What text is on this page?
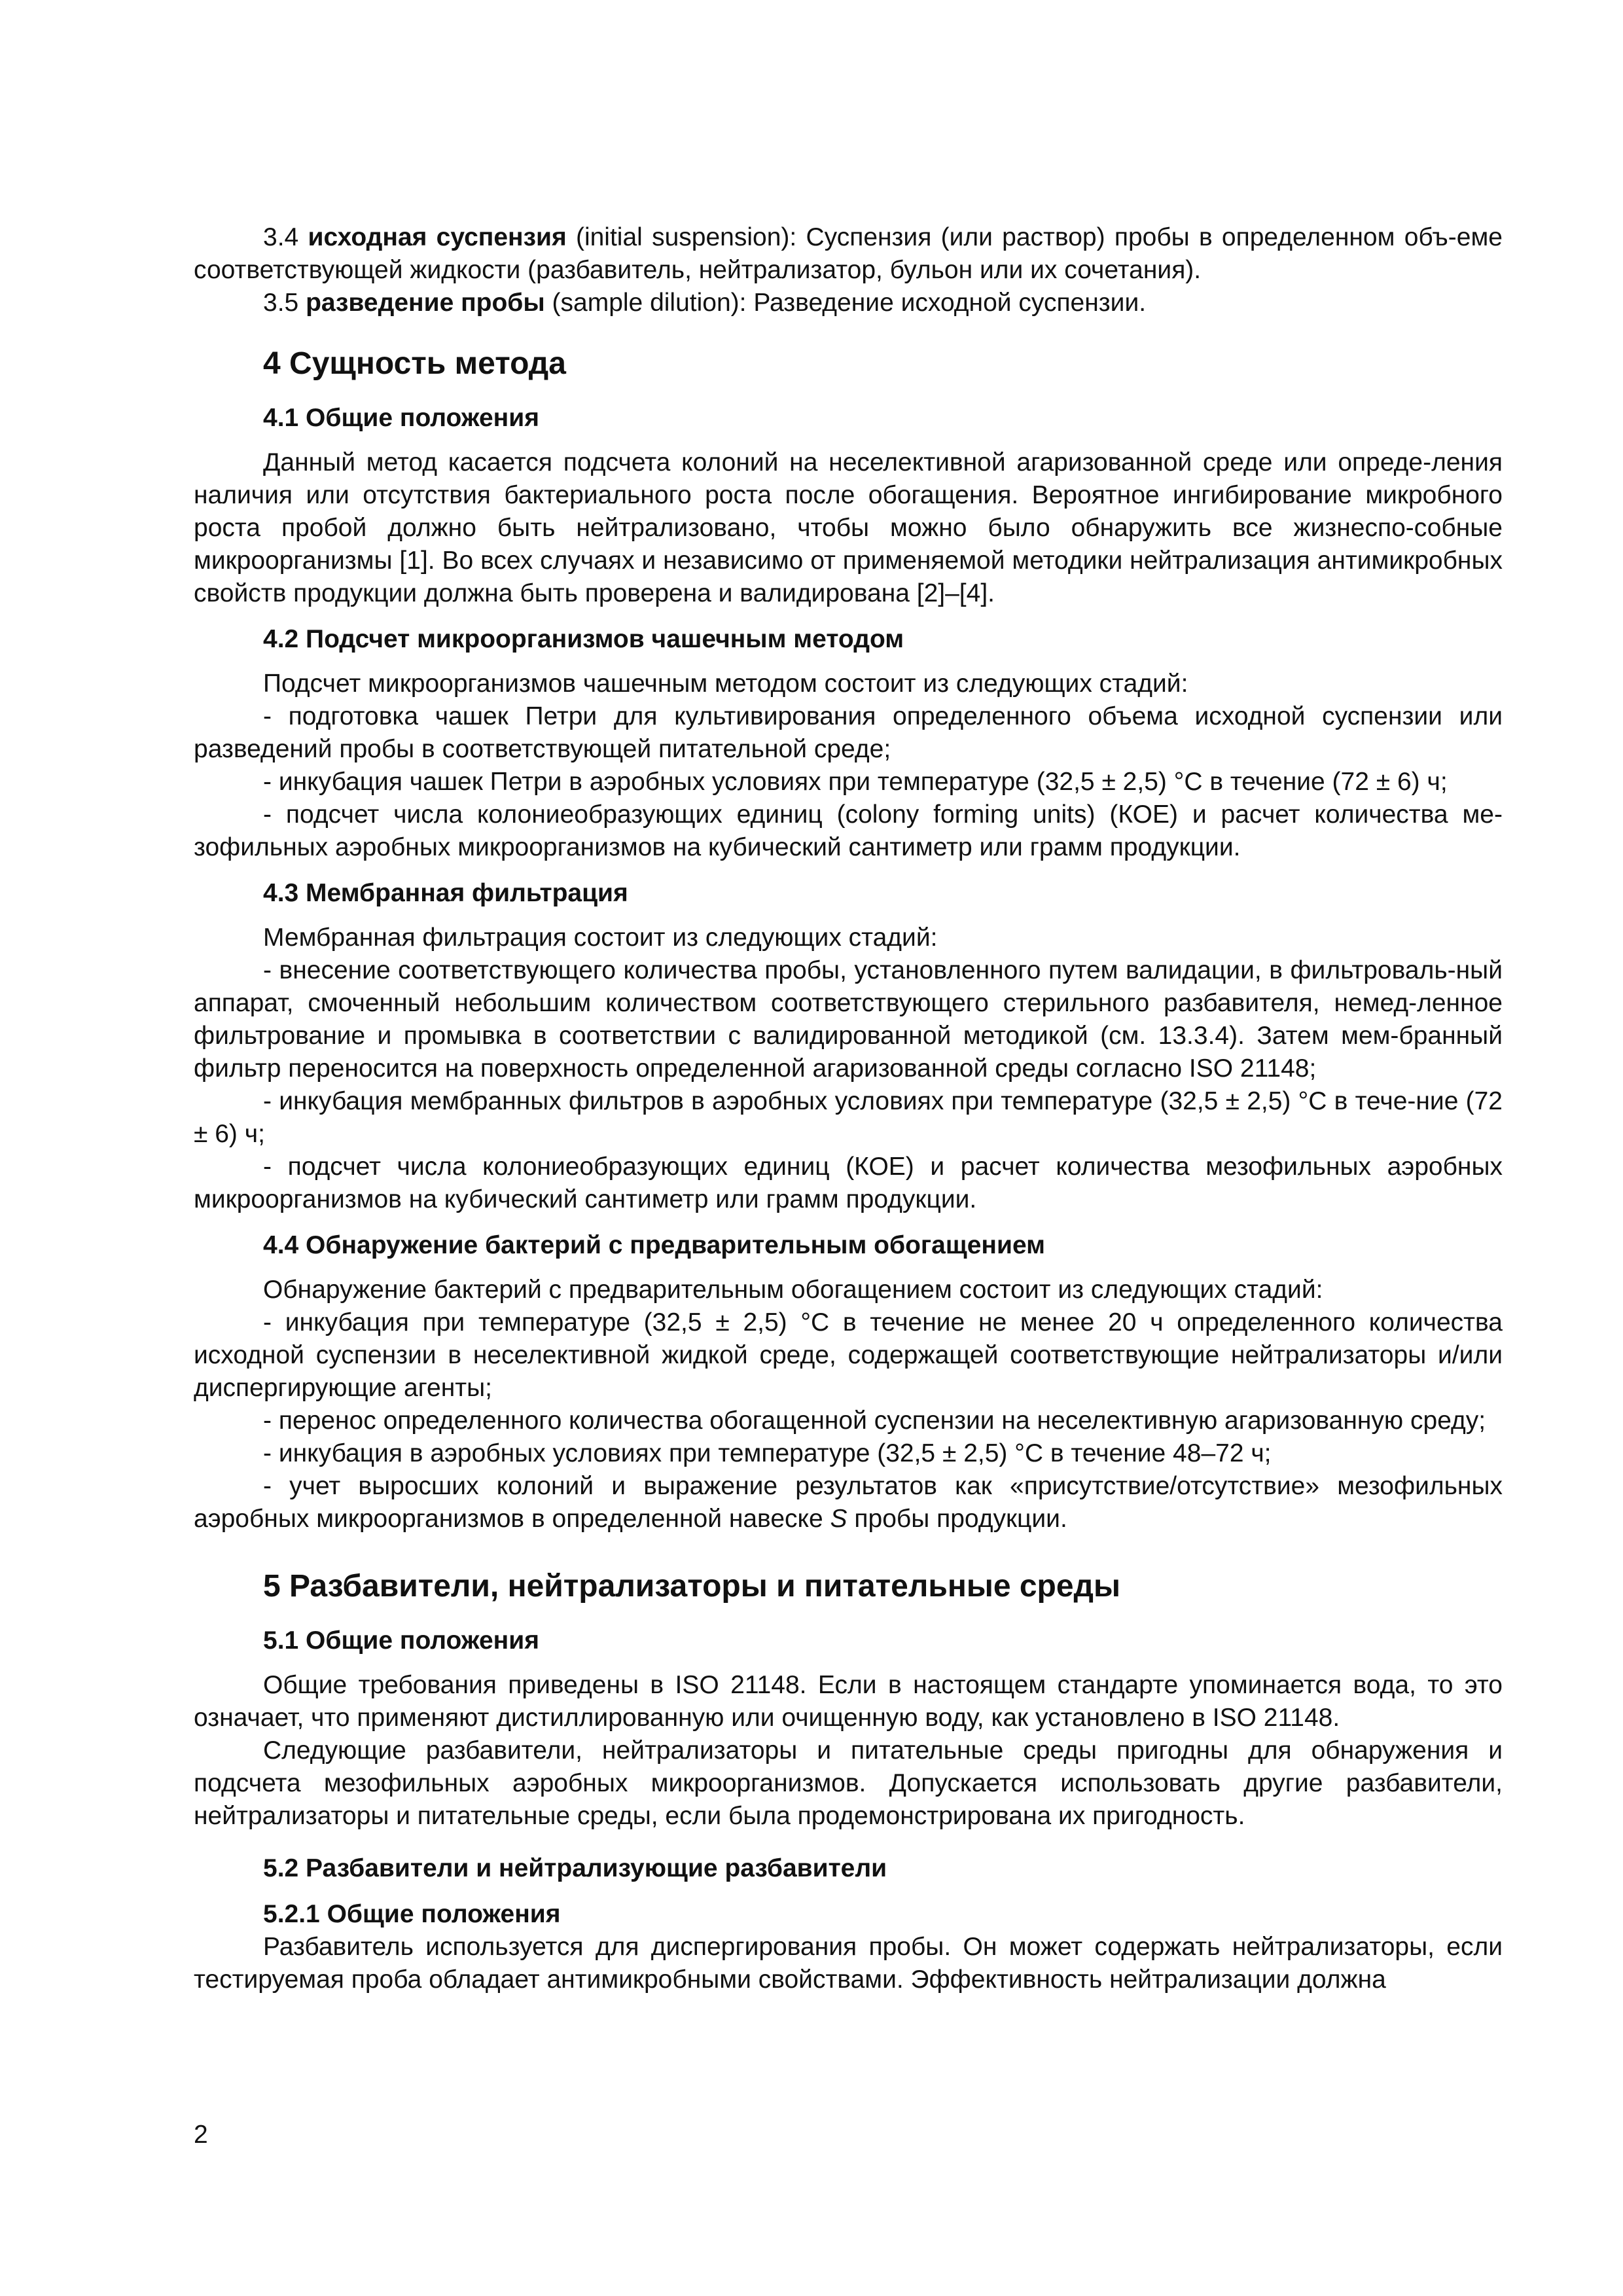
3.4 исходная суспензия (initial suspension): Суспензия (или раствор) пробы в определенном объ-еме соответствующей жидкости (разбавитель, нейтрализатор, бульон или их сочетания).

3.5 разведение пробы (sample dilution): Разведение исходной суспензии.

4 Сущность метода
4.1 Общие положения

Данный метод касается подсчета колоний на неселективной агаризованной среде или опреде-ления наличия или отсутствия бактериального роста после обогащения. Вероятное ингибирование микробного роста пробой должно быть нейтрализовано, чтобы можно было обнаружить все жизнеспо-собные микроорганизмы [1]. Во всех случаях и независимо от применяемой методики нейтрализация антимикробных свойств продукции должна быть проверена и валидирована [2]–[4].

4.2 Подсчет микроорганизмов чашечным методом

Подсчет микроорганизмов чашечным методом состоит из следующих стадий:

- подготовка чашек Петри для культивирования определенного объема исходной суспензии или разведений пробы в соответствующей питательной среде;

- инкубация чашек Петри в аэробных условиях при температуре (32,5 ± 2,5) °С в течение (72 ± 6) ч;

- подсчет числа колониеобразующих единиц (colony forming units) (КОЕ) и расчет количества ме-зофильных аэробных микроорганизмов на кубический сантиметр или грамм продукции.

4.3 Мембранная фильтрация

Мембранная фильтрация состоит из следующих стадий:

- внесение соответствующего количества пробы, установленного путем валидации, в фильтроваль-ный аппарат, смоченный небольшим количеством соответствующего стерильного разбавителя, немед-ленное фильтрование и промывка в соответствии с валидированной методикой (см. 13.3.4). Затем мем-бранный фильтр переносится на поверхность определенной агаризованной среды согласно ISO 21148;

- инкубация мембранных фильтров в аэробных условиях при температуре (32,5 ± 2,5) °С в тече-ние (72 ± 6) ч;

- подсчет числа колониеобразующих единиц (КОЕ) и расчет количества мезофильных аэробных микроорганизмов на кубический сантиметр или грамм продукции.

4.4 Обнаружение бактерий с предварительным обогащением

Обнаружение бактерий с предварительным обогащением состоит из следующих стадий:

- инкубация при температуре (32,5 ± 2,5) °С в течение не менее 20 ч определенного количества исходной суспензии в неселективной жидкой среде, содержащей соответствующие нейтрализаторы и/или диспергирующие агенты;

- перенос определенного количества обогащенной суспензии на неселективную агаризованную среду;

- инкубация в аэробных условиях при температуре (32,5 ± 2,5) °С в течение 48–72 ч;

- учет выросших колоний и выражение результатов как «присутствие/отсутствие» мезофильных аэробных микроорганизмов в определенной навеске S пробы продукции.

5 Разбавители, нейтрализаторы и питательные среды
5.1 Общие положения

Общие требования приведены в ISO 21148. Если в настоящем стандарте упоминается вода, то это означает, что применяют дистиллированную или очищенную воду, как установлено в ISO 21148.

Следующие разбавители, нейтрализаторы и питательные среды пригодны для обнаружения и подсчета мезофильных аэробных микроорганизмов. Допускается использовать другие разбавители, нейтрализаторы и питательные среды, если была продемонстрирована их пригодность.

5.2 Разбавители и нейтрализующие разбавители
5.2.1 Общие положения

Разбавитель используется для диспергирования пробы. Он может содержать нейтрализаторы, если тестируемая проба обладает антимикробными свойствами. Эффективность нейтрализации должна

2
